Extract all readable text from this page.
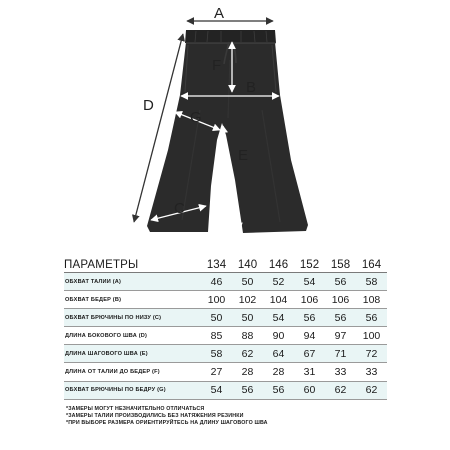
A
D
F
B
G
E
C
ПАРАМЕТРЫ	134	140	146	152	158	164
ОБХВАТ ТАЛИИ (A)	46	50	52	54	56	58
ОБХВАТ БЕДЕР (B)	100	102	104	106	106	108
ОБХВАТ БРЮЧИНЫ ПО НИЗУ (C)	50	50	54	56	56	56
ДЛИНА БОКОВОГО ШВА (D)	85	88	90	94	97	100
ДЛИНА ШАГОВОГО ШВА (E)	58	62	64	67	71	72
ДЛИНА ОТ ТАЛИИ ДО БЕДЕР (F)	27	28	28	31	33	33
ОБХВАТ БРЮЧИНЫ ПО БЕДРУ (G)	54	56	56	60	62	62
*ЗАМЕРЫ МОГУТ НЕЗНАЧИТЕЛЬНО ОТЛИЧАТЬСЯ
*ЗАМЕРЫ ТАЛИИ ПРОИЗВОДИЛИСЬ БЕЗ НАТЯЖЕНИЯ РЕЗИНКИ
*ПРИ ВЫБОРЕ РАЗМЕРА ОРИЕНТИРУЙТЕСЬ НА ДЛИНУ ШАГОВОГО ШВА
